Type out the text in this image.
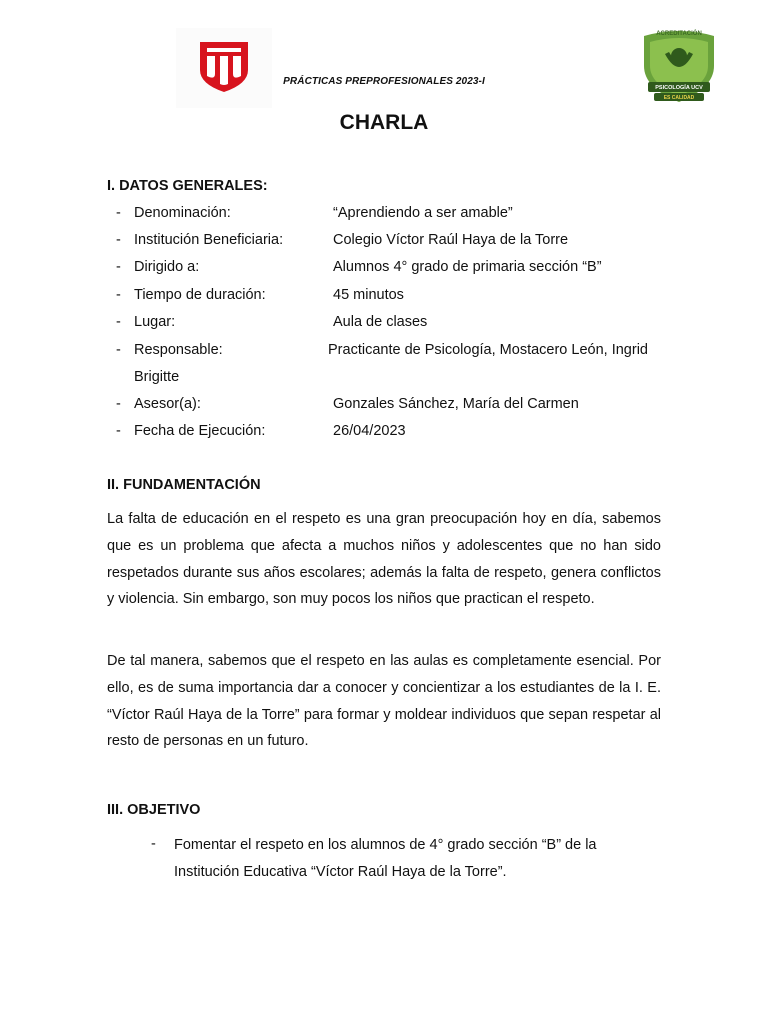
PRÁCTICAS PREPROFESIONALES 2023-I
ACREDITACIÓN
PSICOLOGÍA UCV
ES CALIDAD
CHARLA
I. DATOS GENERALES:
- Denominación:	“Aprendiendo a ser amable”
- Institución Beneficiaria:	Colegio Víctor Raúl Haya de la Torre
- Dirigido a:	Alumnos 4° grado de primaria sección “B”
- Tiempo de duración:	45 minutos
- Lugar:	Aula de clases
- Responsable:	Practicante de Psicología, Mostacero León, Ingrid
Brigitte
- Asesor(a):	Gonzales Sánchez, María del Carmen
- Fecha de Ejecución:	26/04/2023
II. FUNDAMENTACIÓN

La falta de educación en el respeto es una gran preocupación hoy en día, sabemos que es un problema que afecta a muchos niños y adolescentes que no han sido respetados durante sus años escolares; además la falta de respeto, genera conflictos y violencia. Sin embargo, son muy pocos los niños que practican el respeto.

De tal manera, sabemos que el respeto en las aulas es completamente esencial. Por ello, es de suma importancia dar a conocer y concientizar a los estudiantes de la I. E. “Víctor Raúl Haya de la Torre” para formar y moldear individuos que sepan respetar al resto de personas en un futuro.

III. OBJETIVO
- Fomentar el respeto en los alumnos de 4° grado sección “B” de la Institución Educativa “Víctor Raúl Haya de la Torre”.
